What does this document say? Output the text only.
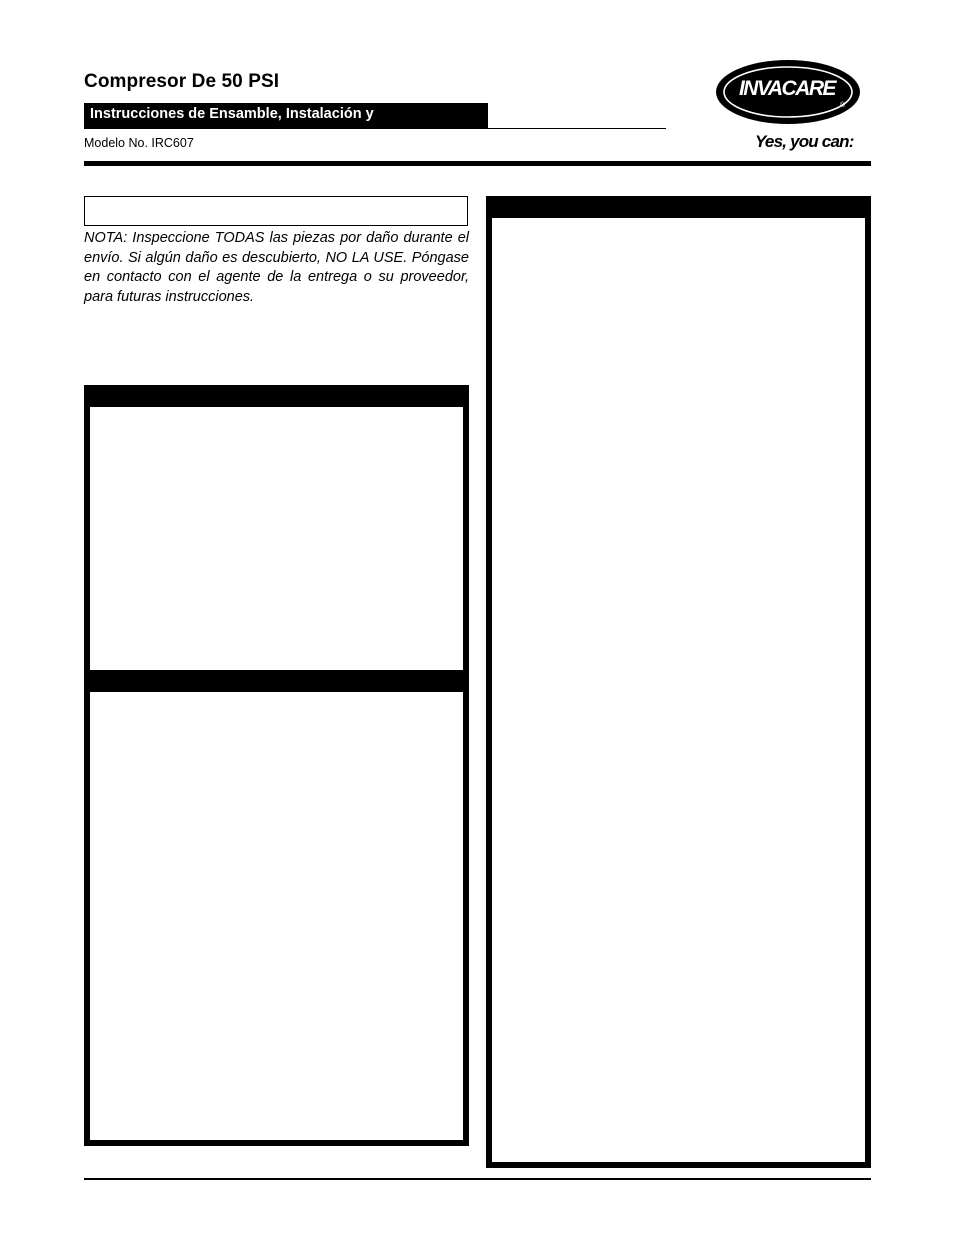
Compresor De 50 PSI
Instrucciones de Ensamble, Instalación y
Modelo No. IRC607
®
INVACARE
Yes, you can:
NOTA: Inspeccione TODAS las piezas por daño durante el envío. Si algún daño es descubierto, NO LA USE. Póngase en contacto con el agente de la entrega o su proveedor, para futuras instrucciones.
